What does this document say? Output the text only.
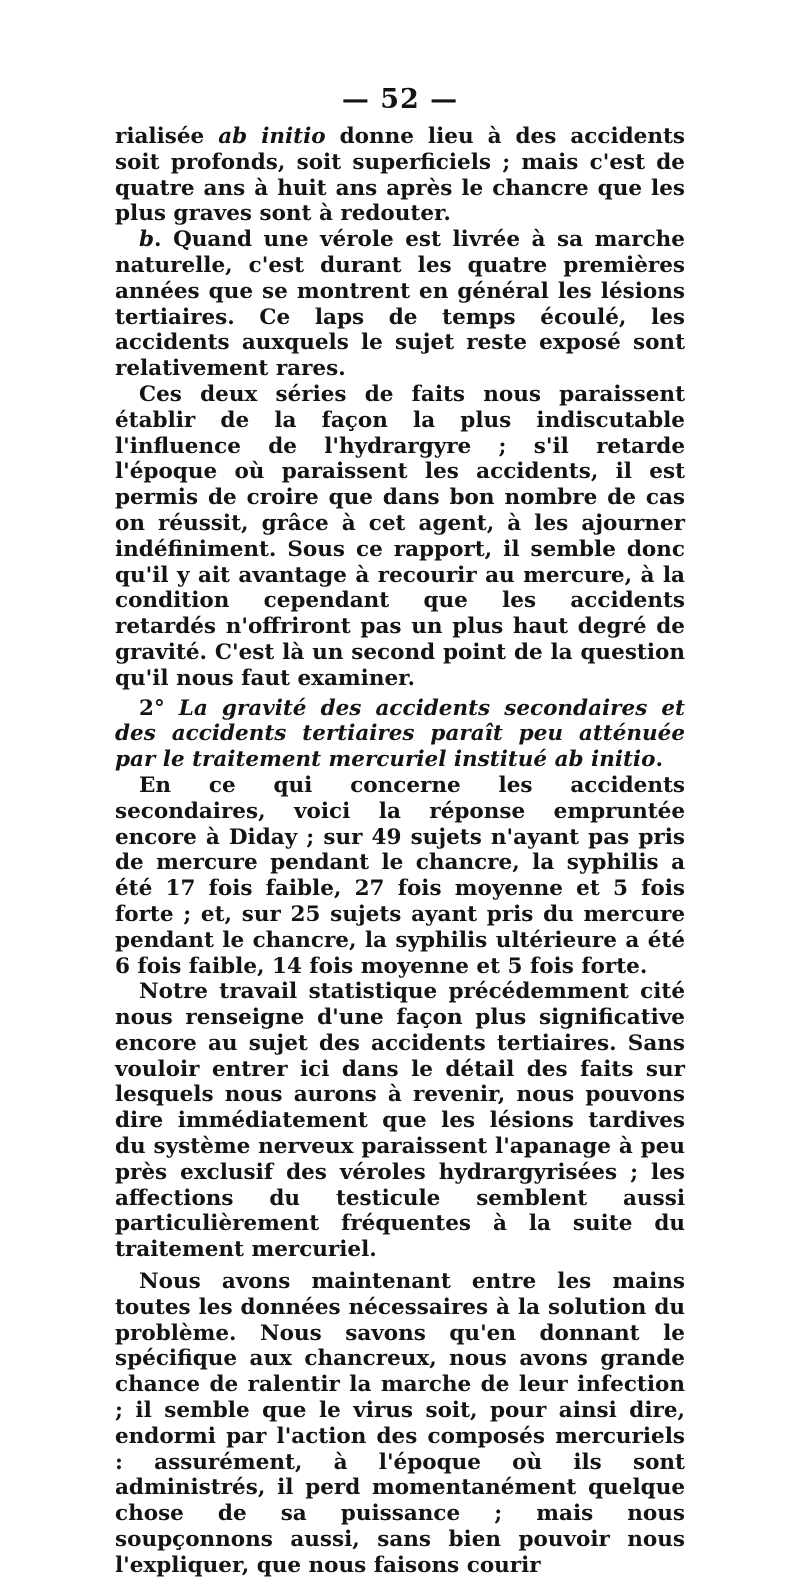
— 52 —

rialisée ab initio donne lieu à des accidents soit profonds, soit superficiels ; mais c'est de quatre ans à huit ans après le chancre que les plus graves sont à redouter.

b. Quand une vérole est livrée à sa marche naturelle, c'est durant les quatre premières années que se montrent en général les lésions tertiaires. Ce laps de temps écoulé, les accidents auxquels le sujet reste exposé sont relativement rares.

Ces deux séries de faits nous paraissent établir de la façon la plus indiscutable l'influence de l'hydrargyre ; s'il retarde l'époque où paraissent les accidents, il est permis de croire que dans bon nombre de cas on réussit, grâce à cet agent, à les ajourner indéfiniment. Sous ce rapport, il semble donc qu'il y ait avantage à recourir au mercure, à la condition cependant que les accidents retardés n'offriront pas un plus haut degré de gravité. C'est là un second point de la question qu'il nous faut examiner.

2° La gravité des accidents secondaires et des accidents tertiaires paraît peu atténuée par le traitement mercuriel institué ab initio.

En ce qui concerne les accidents secondaires, voici la réponse empruntée encore à Diday ; sur 49 sujets n'ayant pas pris de mercure pendant le chancre, la syphilis a été 17 fois faible, 27 fois moyenne et 5 fois forte ; et, sur 25 sujets ayant pris du mercure pendant le chancre, la syphilis ultérieure a été 6 fois faible, 14 fois moyenne et 5 fois forte.

Notre travail statistique précédemment cité nous renseigne d'une façon plus significative encore au sujet des accidents tertiaires. Sans vouloir entrer ici dans le détail des faits sur lesquels nous aurons à revenir, nous pouvons dire immédiatement que les lésions tardives du système nerveux paraissent l'apanage à peu près exclusif des véroles hydrargyrisées ; les affections du testicule semblent aussi particulièrement fréquentes à la suite du traitement mercuriel.

Nous avons maintenant entre les mains toutes les données nécessaires à la solution du problème. Nous savons qu'en donnant le spécifique aux chancreux, nous avons grande chance de ralentir la marche de leur infection ; il semble que le virus soit, pour ainsi dire, endormi par l'action des composés mercuriels : assurément, à l'époque où ils sont administrés, il perd momentanément quelque chose de sa puissance ; mais nous soupçonnons aussi, sans bien pouvoir nous l'expliquer, que nous faisons courir
